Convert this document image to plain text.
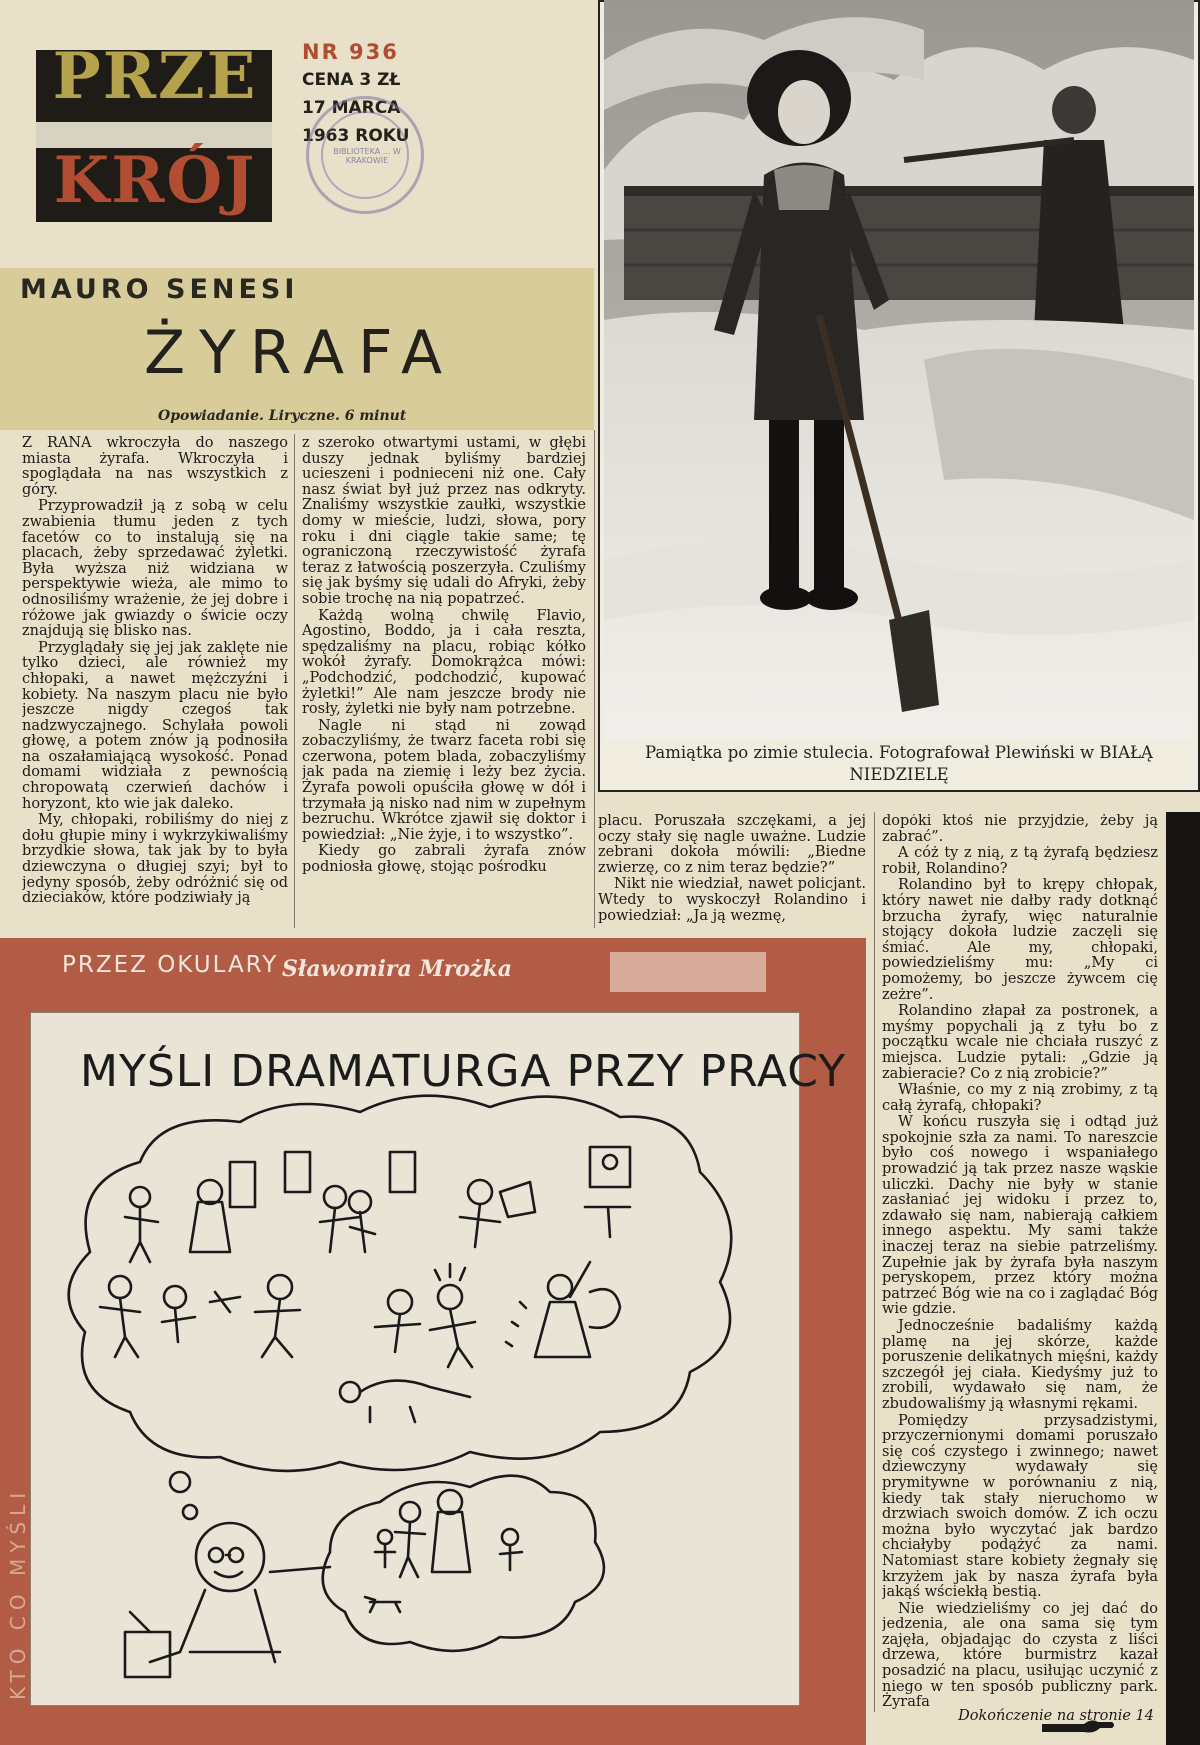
PRZE
KRÓJ
NR 936
CENA 3 ZŁ
17 MARCA
1963 ROKU
BIBLIOTEKA ... W KRAKOWIE
MAURO SENESI
ŻYRAFA
Opowiadanie. Liryczne. 6 minut
Pamiątka po zimie stulecia. Fotografował Plewiński w BIAŁĄ NIEDZIELĘ

Z RANA wkroczyła do naszego miasta żyrafa. Wkroczyła i spoglądała na nas wszystkich z góry.

Przyprowadził ją z sobą w celu zwabienia tłumu jeden z tych facetów co to instalują się na placach, żeby sprzedawać żyletki. Była wyższa niż widziana w perspektywie wieża, ale mimo to odnosiliśmy wrażenie, że jej dobre i różowe jak gwiazdy o świcie oczy znajdują się blisko nas.

Przyglądały się jej jak zaklęte nie tylko dzieci, ale również my chłopaki, a nawet mężczyźni i kobiety. Na naszym placu nie było jeszcze nigdy czegoś tak nadzwyczajnego. Schylała powoli głowę, a potem znów ją podnosiła na oszałamiającą wysokość. Ponad domami widziała z pewnością chropowatą czerwień dachów i horyzont, kto wie jak daleko.

My, chłopaki, robiliśmy do niej z dołu głupie miny i wykrzykiwaliśmy brzydkie słowa, tak jak by to była dziewczyna o długiej szyi; był to jedyny sposób, żeby odróżnić się od dzieciaków, które podziwiały ją

z szeroko otwartymi ustami, w głębi duszy jednak byliśmy bardziej ucieszeni i podnieceni niż one. Cały nasz świat był już przez nas odkryty. Znaliśmy wszystkie zaułki, wszystkie domy w mieście, ludzi, słowa, pory roku i dni ciągle takie same; tę ograniczoną rzeczywistość żyrafa teraz z łatwością poszerzyła. Czuliśmy się jak byśmy się udali do Afryki, żeby sobie trochę na nią popatrzeć.

Każdą wolną chwilę Flavio, Agostino, Boddo, ja i cała reszta, spędzaliśmy na placu, robiąc kółko wokół żyrafy. Domokrążca mówi: „Podchodzić, podchodzić, kupować żyletki!” Ale nam jeszcze brody nie rosły, żyletki nie były nam potrzebne.

Nagle ni stąd ni zowąd zobaczyliśmy, że twarz faceta robi się czerwona, potem blada, zobaczyliśmy jak pada na ziemię i leży bez życia. Żyrafa powoli opuściła głowę w dół i trzymała ją nisko nad nim w zupełnym bezruchu. Wkrótce zjawił się doktor i powiedział: „Nie żyje, i to wszystko”.

Kiedy go zabrali żyrafa znów podniosła głowę, stojąc pośrodku

placu. Poruszała szczękami, a jej oczy stały się nagle uważne. Ludzie zebrani dokoła mówili: „Biedne zwierzę, co z nim teraz będzie?”

Nikt nie wiedział, nawet policjant. Wtedy to wyskoczył Rolandino i powiedział: „Ja ją wezmę,

dopóki ktoś nie przyjdzie, żeby ją zabrać”.

A cóż ty z nią, z tą żyrafą będziesz robił, Rolandino?

Rolandino był to krępy chłopak, który nawet nie dałby rady dotknąć brzucha żyrafy, więc naturalnie stojący dokoła ludzie zaczęli się śmiać. Ale my, chłopaki, powiedzieliśmy mu: „My ci pomożemy, bo jeszcze żywcem cię zeżre”.

Rolandino złapał za postronek, a myśmy popychali ją z tyłu bo z początku wcale nie chciała ruszyć z miejsca. Ludzie pytali: „Gdzie ją zabieracie? Co z nią zrobicie?”

Właśnie, co my z nią zrobimy, z tą całą żyrafą, chłopaki?

W końcu ruszyła się i odtąd już spokojnie szła za nami. To nareszcie było coś nowego i wspaniałego prowadzić ją tak przez nasze wąskie uliczki. Dachy nie były w stanie zasłaniać jej widoku i przez to, zdawało się nam, nabierają całkiem innego aspektu. My sami także inaczej teraz na siebie patrzeliśmy. Zupełnie jak by żyrafa była naszym peryskopem, przez który można patrzeć Bóg wie na co i zaglądać Bóg wie gdzie.

Jednocześnie badaliśmy każdą plamę na jej skórze, każde poruszenie delikatnych mięśni, każdy szczegół jej ciała. Kiedyśmy już to zrobili, wydawało się nam, że zbudowaliśmy ją własnymi rękami.

Pomiędzy przysadzistymi, przyczernionymi domami poruszało się coś czystego i zwinnego; nawet dziewczyny wydawały się prymitywne w porównaniu z nią, kiedy tak stały nieruchomo w drzwiach swoich domów. Z ich oczu można było wyczytać jak bardzo chciałyby podążyć za nami. Natomiast stare kobiety żegnały się krzyżem jak by nasza żyrafa była jakąś wściekłą bestią.

Nie wiedzieliśmy co jej dać do jedzenia, ale ona sama się tym zajęła, objadając do czysta z liści drzewa, które burmistrz kazał posadzić na placu, usiłując uczynić z niego w ten sposób publiczny park. Żyrafa

PRZEZ OKULARY Sławomira Mrożka
KTO CO MYŚLI
MYŚLI DRAMATURGA PRZY PRACY
Dokończenie na stronie 14
